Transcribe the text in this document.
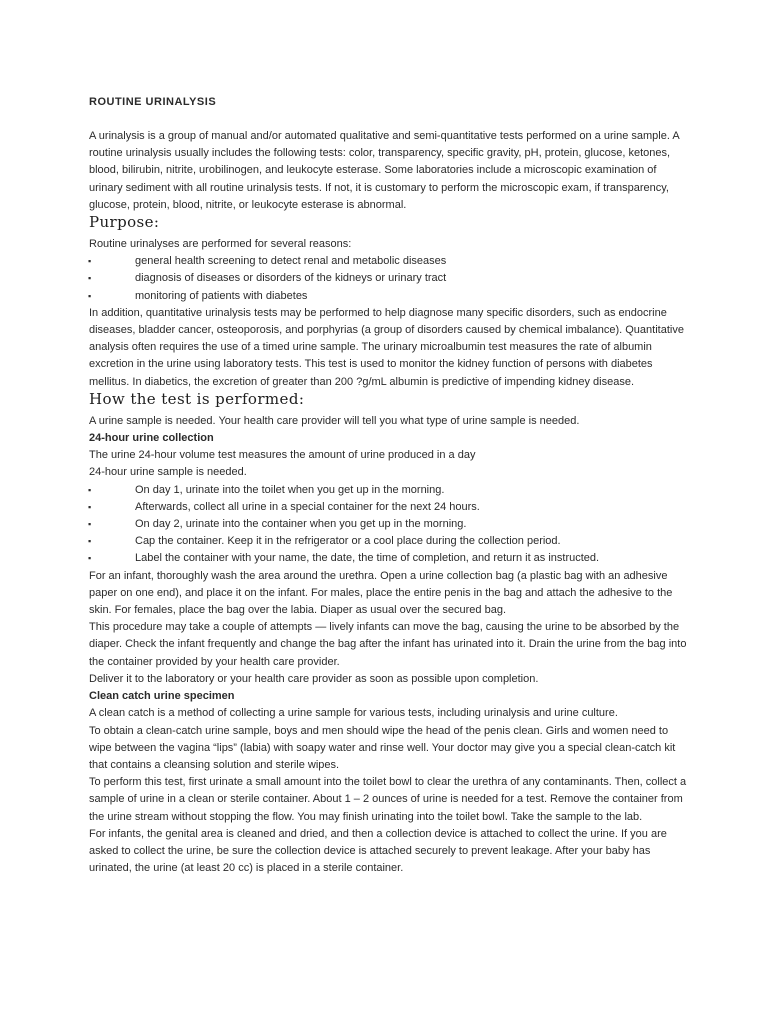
ROUTINE URINALYSIS

A urinalysis is a group of manual and/or automated qualitative and semi-quantitative tests performed on a urine sample. A routine urinalysis usually includes the following tests: color, transparency, specific gravity, pH, protein, glucose, ketones, blood, bilirubin, nitrite, urobilinogen, and leukocyte esterase. Some laboratories include a microscopic examination of urinary sediment with all routine urinalysis tests. If not, it is customary to perform the microscopic exam, if transparency, glucose, protein, blood, nitrite, or leukocyte esterase is abnormal.

Purpose:

Routine urinalyses are performed for several reasons:

▪	general health screening to detect renal and metabolic diseases
▪	diagnosis of diseases or disorders of the kidneys or urinary tract
▪	monitoring of patients with diabetes

In addition, quantitative urinalysis tests may be performed to help diagnose many specific disorders, such as endocrine diseases, bladder cancer, osteoporosis, and porphyrias (a group of disorders caused by chemical imbalance). Quantitative analysis often requires the use of a timed urine sample. The urinary microalbumin test measures the rate of albumin excretion in the urine using laboratory tests. This test is used to monitor the kidney function of persons with diabetes mellitus. In diabetics, the excretion of greater than 200 ?g/mL albumin is predictive of impending kidney disease.

How the test is performed:

A urine sample is needed. Your health care provider will tell you what type of urine sample is needed.

24-hour urine collection

The urine 24-hour volume test measures the amount of urine produced in a day

24-hour urine sample is needed.

▪	On day 1, urinate into the toilet when you get up in the morning.
▪	Afterwards, collect all urine in a special container for the next 24 hours.
▪	On day 2, urinate into the container when you get up in the morning.
▪	Cap the container. Keep it in the refrigerator or a cool place during the collection period.
▪	Label the container with your name, the date, the time of completion, and return it as instructed.

For an infant, thoroughly wash the area around the urethra. Open a urine collection bag (a plastic bag with an adhesive paper on one end), and place it on the infant. For males, place the entire penis in the bag and attach the adhesive to the skin. For females, place the bag over the labia. Diaper as usual over the secured bag.

This procedure may take a couple of attempts — lively infants can move the bag, causing the urine to be absorbed by the diaper. Check the infant frequently and change the bag after the infant has urinated into it. Drain the urine from the bag into the container provided by your health care provider.

Deliver it to the laboratory or your health care provider as soon as possible upon completion.

Clean catch urine specimen

A clean catch is a method of collecting a urine sample for various tests, including urinalysis and urine culture.

To obtain a clean-catch urine sample, boys and men should wipe the head of the penis clean. Girls and women need to wipe between the vagina “lips” (labia) with soapy water and rinse well. Your doctor may give you a special clean-catch kit that contains a cleansing solution and sterile wipes.

To perform this test, first urinate a small amount into the toilet bowl to clear the urethra of any contaminants. Then, collect a sample of urine in a clean or sterile container. About 1 – 2 ounces of urine is needed for a test. Remove the container from the urine stream without stopping the flow. You may finish urinating into the toilet bowl. Take the sample to the lab.

For infants, the genital area is cleaned and dried, and then a collection device is attached to collect the urine. If you are asked to collect the urine, be sure the collection device is attached securely to prevent leakage. After your baby has urinated, the urine (at least 20 cc) is placed in a sterile container.
